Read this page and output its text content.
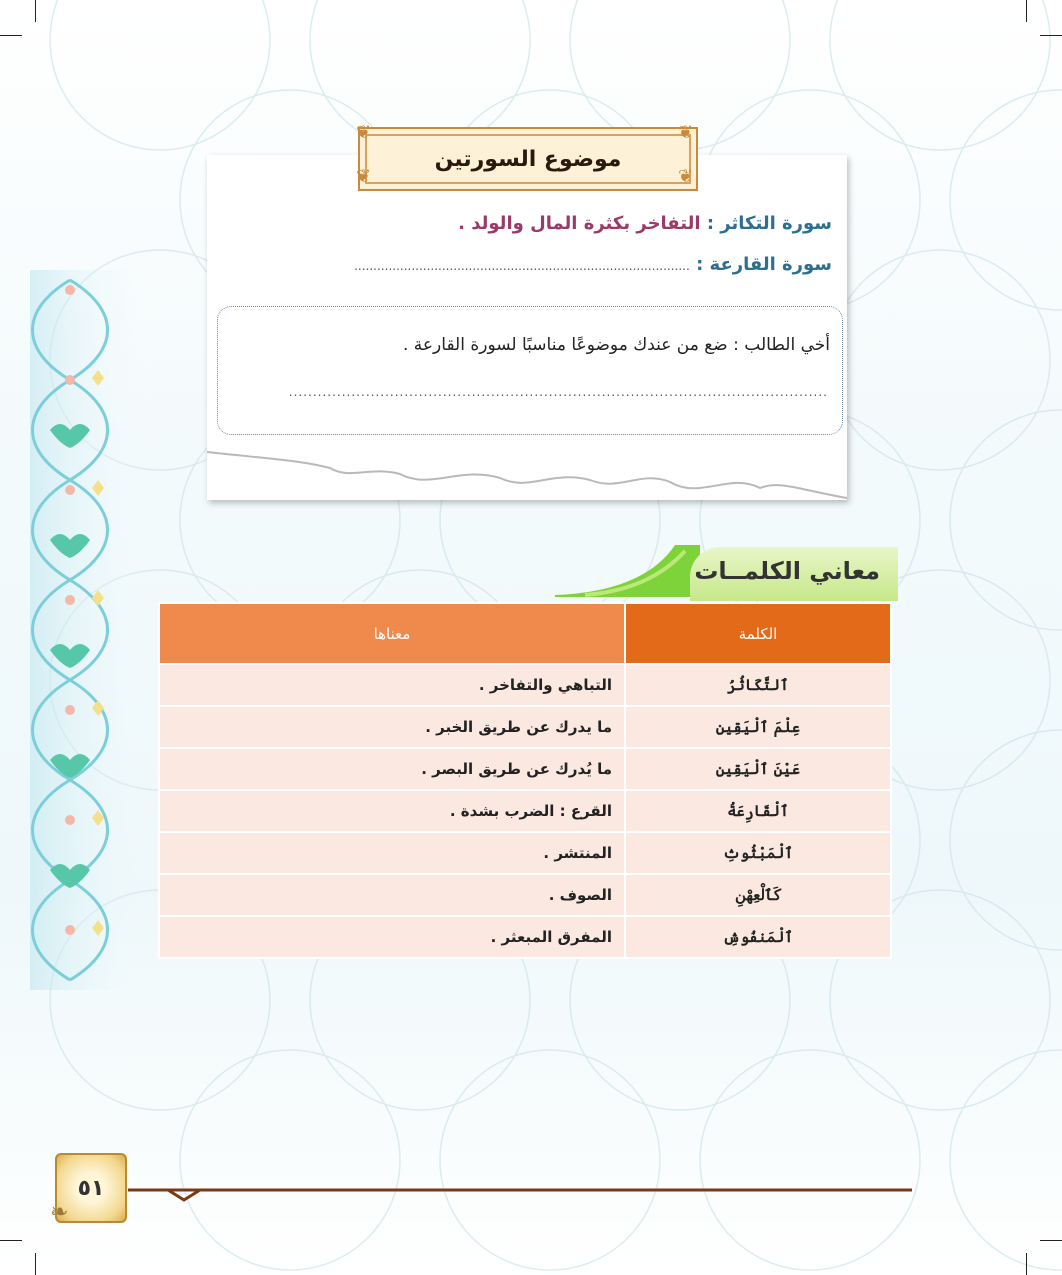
موضوع السورتين
❦	❦
❦	❦
سورة التكاثر : التفاخر بكثرة المال والولد .
سورة القارعة : ........................................................................................
أخي الطالب : ضع من عندك موضوعًا مناسبًا لسورة القارعة .
................................................................................................................
معاني الكلمــات
الكلمة	معناها
ٱلتَّكَاثُرُ	التباهي والتفاخر .
عِلْمَ ٱلْيَقِينِ	ما يدرك عن طريق الخبر .
عَيْنَ ٱلْيَقِينِ	ما يُدرك عن طريق البصر .
ٱلْقَارِعَةُ	القرع : الضرب بشدة .
ٱلْمَبْثُوثِ	المنتشر .
كَٱلْعِهْنِ	الصوف .
ٱلْمَنفُوشِ	المفرق المبعثر .
٥١
❧
